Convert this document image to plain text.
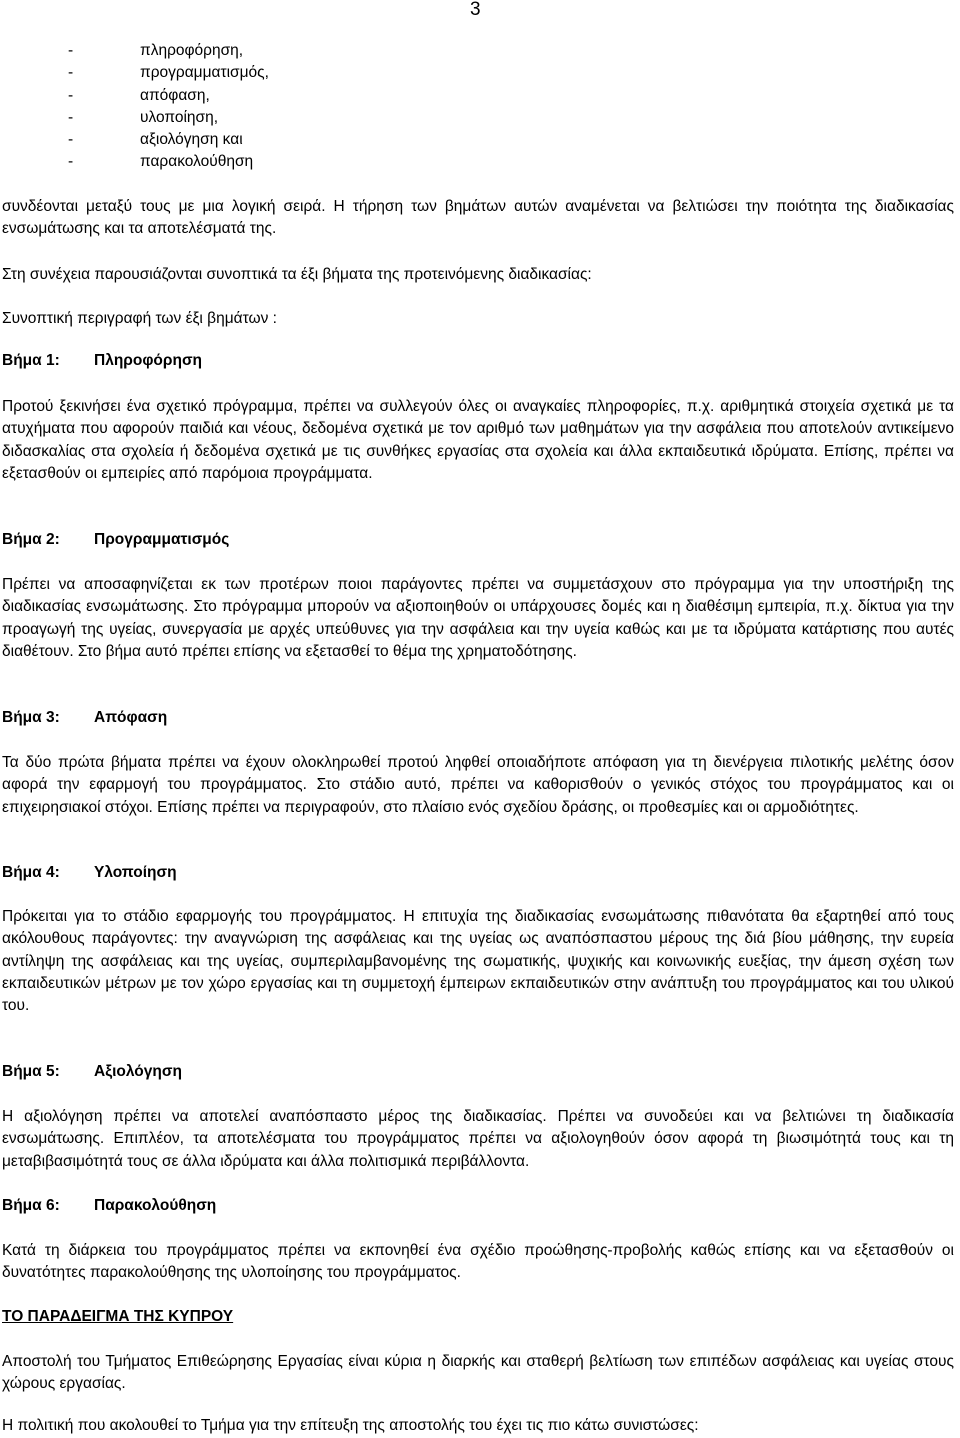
3
-	πληροφόρηση,
-	προγραμματισμός,
-	απόφαση,
-	υλοποίηση,
-	αξιολόγηση και
-	παρακολούθηση

συνδέονται μεταξύ τους με μια λογική σειρά. Η τήρηση των βημάτων αυτών αναμένεται να βελτιώσει την ποιότητα της διαδικασίας ενσωμάτωσης και τα αποτελέσματά της.

Στη συνέχεια παρουσιάζονται συνοπτικά τα έξι βήματα της προτεινόμενης διαδικασίας:

Συνοπτική περιγραφή των έξι βημάτων :

Βήμα 1: Πληροφόρηση

Προτού ξεκινήσει ένα σχετικό πρόγραμμα, πρέπει να συλλεγούν όλες οι αναγκαίες πληροφορίες, π.χ. αριθμητικά στοιχεία σχετικά με τα ατυχήματα που αφορούν παιδιά και νέους, δεδομένα σχετικά με τον αριθμό των μαθημάτων για την ασφάλεια που αποτελούν αντικείμενο διδασκαλίας στα σχολεία ή δεδομένα σχετικά με τις συνθήκες εργασίας στα σχολεία και άλλα εκπαιδευτικά ιδρύματα. Επίσης, πρέπει να εξετασθούν οι εμπειρίες από παρόμοια προγράμματα.

Βήμα 2: Προγραμματισμός

Πρέπει να αποσαφηνίζεται εκ των προτέρων ποιοι παράγοντες πρέπει να συμμετάσχουν στο πρόγραμμα για την υποστήριξη της διαδικασίας ενσωμάτωσης. Στο πρόγραμμα μπορούν να αξιοποιηθούν οι υπάρχουσες δομές και η διαθέσιμη εμπειρία, π.χ. δίκτυα για την προαγωγή της υγείας, συνεργασία με αρχές υπεύθυνες για την ασφάλεια και την υγεία καθώς και με τα ιδρύματα κατάρτισης που αυτές διαθέτουν. Στο βήμα αυτό πρέπει επίσης να εξετασθεί το θέμα της χρηματοδότησης.

Βήμα 3: Απόφαση

Τα δύο πρώτα βήματα πρέπει να έχουν ολοκληρωθεί προτού ληφθεί οποιαδήποτε απόφαση για τη διενέργεια πιλοτικής μελέτης όσον αφορά την εφαρμογή του προγράμματος. Στο στάδιο αυτό, πρέπει να καθορισθούν ο γενικός στόχος του προγράμματος και οι επιχειρησιακοί στόχοι. Επίσης πρέπει να περιγραφούν, στο πλαίσιο ενός σχεδίου δράσης, οι προθεσμίες και οι αρμοδιότητες.

Βήμα 4: Υλοποίηση

Πρόκειται για το στάδιο εφαρμογής του προγράμματος. Η επιτυχία της διαδικασίας ενσωμάτωσης πιθανότατα θα εξαρτηθεί από τους ακόλουθους παράγοντες: την αναγνώριση της ασφάλειας και της υγείας ως αναπόσπαστου μέρους της διά βίου μάθησης, την ευρεία αντίληψη της ασφάλειας και της υγείας, συμπεριλαμβανομένης της σωματικής, ψυχικής και κοινωνικής ευεξίας, την άμεση σχέση των εκπαιδευτικών μέτρων με τον χώρο εργασίας και τη συμμετοχή έμπειρων εκπαιδευτικών στην ανάπτυξη του προγράμματος και του υλικού του.

Βήμα 5: Αξιολόγηση

Η αξιολόγηση πρέπει να αποτελεί αναπόσπαστο μέρος της διαδικασίας. Πρέπει να συνοδεύει και να βελτιώνει τη διαδικασία ενσωμάτωσης. Επιπλέον, τα αποτελέσματα του προγράμματος πρέπει να αξιολογηθούν όσον αφορά τη βιωσιμότητά τους και τη μεταβιβασιμότητά τους σε άλλα ιδρύματα και άλλα πολιτισμικά περιβάλλοντα.

Βήμα 6: Παρακολούθηση

Κατά τη διάρκεια του προγράμματος πρέπει να εκπονηθεί ένα σχέδιο προώθησης-προβολής καθώς επίσης και να εξετασθούν οι δυνατότητες παρακολούθησης της υλοποίησης του προγράμματος.

ΤΟ ΠΑΡΑΔΕΙΓΜΑ ΤΗΣ ΚΥΠΡΟΥ

Αποστολή του Τμήματος Επιθεώρησης Εργασίας είναι κύρια η διαρκής και σταθερή βελτίωση των επιπέδων ασφάλειας και υγείας στους χώρους εργασίας.

Η πολιτική που ακολουθεί το Τμήμα για την επίτευξη της αποστολής του έχει τις πιο κάτω συνιστώσες:
